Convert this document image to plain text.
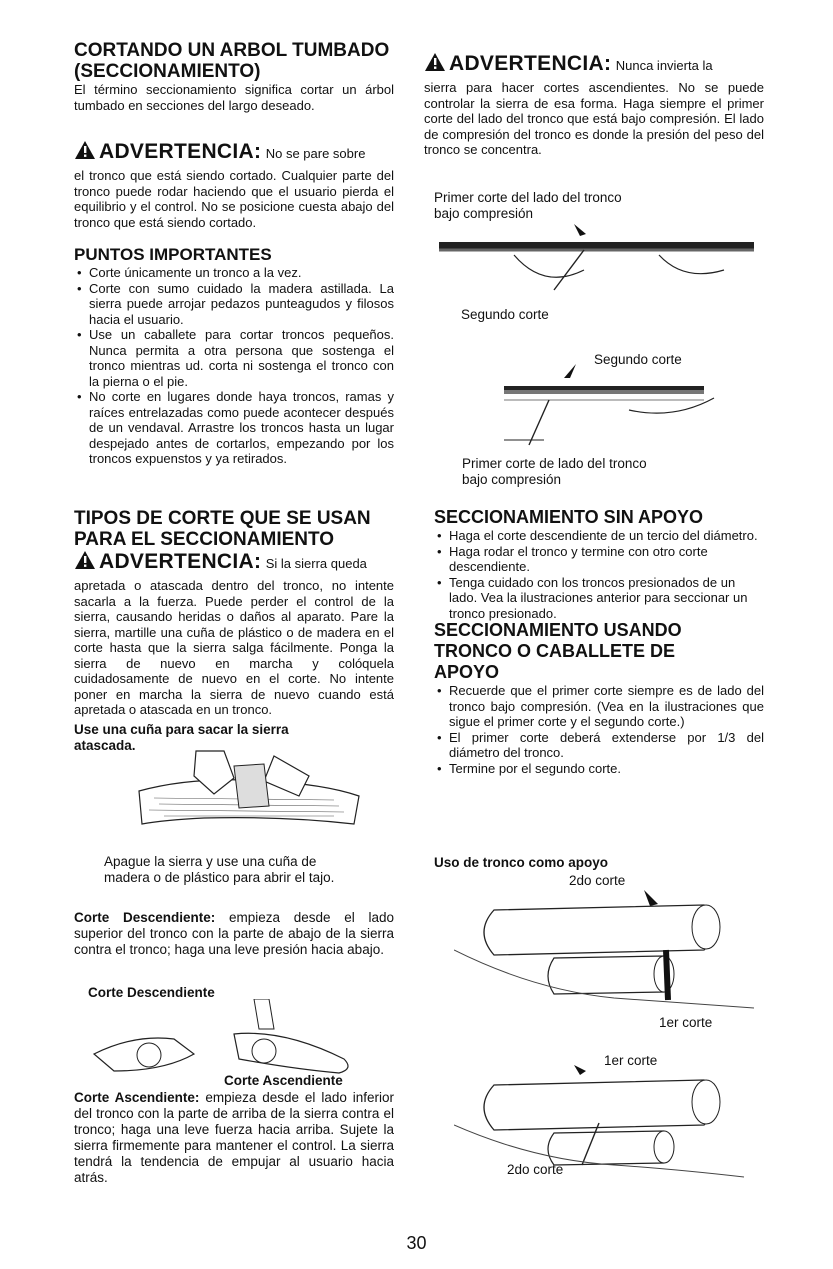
CORTANDO UN ARBOL TUMBADO
(SECCIONAMIENTO)

El término seccionamiento significa cortar un árbol tumbado en secciones del largo deseado.

ADVERTENCIA: No se pare sobre

el tronco que está siendo cortado. Cualquier parte del tronco puede rodar haciendo que el usuario pierda el equilibrio y el control. No se posicione cuesta abajo del tronco que está siendo cortado.

PUNTOS IMPORTANTES
• Corte únicamente un tronco a la vez.
• Corte con sumo cuidado la madera astillada. La sierra puede arrojar pedazos punteagudos y filosos hacia el usuario.
• Use un caballete para cortar troncos pequeños. Nunca permita a otra persona que sostenga el tronco mientras ud. corta ni sostenga el tronco con la pierna o el pie.
• No corte en lugares donde haya troncos, ramas y raíces entrelazadas como puede acontecer después de un vendaval. Arrastre los troncos hasta un lugar despejado antes de cortarlos, empezando por los troncos expuenstos y ya retirados.
TIPOS DE CORTE QUE SE USAN
PARA EL SECCIONAMIENTO
ADVERTENCIA: Si la sierra queda

apretada o atascada dentro del tronco, no intente sacarla a la fuerza. Puede perder el control de la sierra, causando heridas o daños al aparato. Pare la sierra, martille una cuña de plástico o de madera en el corte hasta que la sierra salga fácilmente. Ponga la sierra de nuevo en marcha y colóquela cuidadosamente de nuevo en el corte. No intente poner en marcha la sierra de nuevo cuando está apretada o atascada en un tronco.

Use una cuña para sacar la sierra
atascada.
Apague la sierra y use una cuña de
madera o de plástico para abrir el tajo.

Corte Descendiente: empieza desde el lado superior del tronco con la parte de abajo de la sierra contra el tronco; haga una leve presión hacia abajo.

Corte Descendiente
Corte Ascendiente

Corte Ascendiente: empieza desde el lado inferior del tronco con la parte de arriba de la sierra contra el tronco; haga una leve fuerza hacia arriba. Sujete la sierra firmemente para mantener el control. La sierra tendrá la tendencia de empujar al usuario hacia atrás.

ADVERTENCIA: Nunca invierta la

sierra para hacer cortes ascendientes. No se puede controlar la sierra de esa forma. Haga siempre el primer corte del lado del tronco que está bajo compresión. El lado de compresión del tronco es donde la presión del peso del tronco se concentra.

Primer corte del lado del tronco
bajo compresión
Segundo corte
Segundo corte
Primer corte de lado del tronco
bajo compresión
SECCIONAMIENTO SIN APOYO
• Haga el corte descendiente de un tercio del diámetro.
• Haga rodar el tronco y termine con otro corte descendiente.
• Tenga cuidado con los troncos presionados de un lado. Vea la ilustraciones anterior para seccionar un tronco presionado.
SECCIONAMIENTO USANDO
TRONCO O CABALLETE DE
APOYO
• Recuerde que el primer corte siempre es de lado del tronco bajo compresión. (Vea en la ilustraciones que sigue el primer corte y el segundo corte.)
• El primer corte deberá extenderse por 1/3 del diámetro del tronco.
• Termine por el segundo corte.
Uso de tronco como apoyo
2do corte
1er corte
1er corte
2do corte
30
